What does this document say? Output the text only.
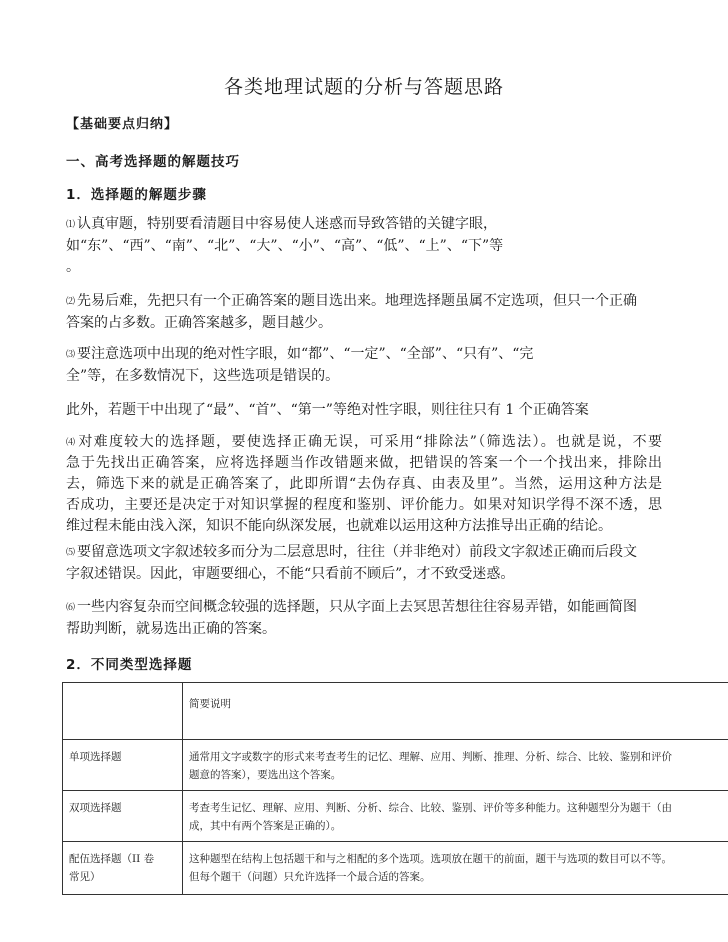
各类地理试题的分析与答题思路
【基础要点归纳】
一、高考选择题的解题技巧
1．选择题的解题步骤
⑴ 认真审题，特别要看清题目中容易使人迷惑而导致答错的关键字眼，
如“东”、“西”、“南”、“北”、“大”、“小”、“高”、“低”、“上”、“下”等
。
⑵ 先易后难，先把只有一个正确答案的题目选出来。地理选择题虽属不定选项，但只一个正确
答案的占多数。正确答案越多，题目越少。
⑶ 要注意选项中出现的绝对性字眼，如“都”、“一定”、“全部”、“只有”、“完
全”等，在多数情况下，这些选项是错误的。
此外，若题干中出现了“最”、“首”、“第一”等绝对性字眼，则往往只有 1 个正确答案
⑷ 对难度较大的选择题，要使选择正确无误，可采用“排除法”（筛选法）。也就是说，不要
急于先找出正确答案，应将选择题当作改错题来做，把错误的答案一个一个找出来，排除出
去，筛选下来的就是正确答案了，此即所谓“去伪存真、由表及里”。当然，运用这种方法是
否成功，主要还是决定于对知识掌握的程度和鉴别、评价能力。如果对知识学得不深不透，思
维过程未能由浅入深，知识不能向纵深发展，也就难以运用这种方法推导出正确的结论。
⑸ 要留意选项文字叙述较多而分为二层意思时，往往（并非绝对）前段文字叙述正确而后段文
字叙述错误。因此，审题要细心，不能“只看前不顾后”，才不致受迷惑。
⑹ 一些内容复杂而空间概念较强的选择题，只从字面上去冥思苦想往往容易弄错，如能画简图
帮助判断，就易选出正确的答案。
2．不同类型选择题
	简要说明

单项选择题	通常用文字或数字的形式来考查考生的记忆、理解、应用、判断、推理、分析、综合、比较、鉴别和评价
题意的答案），要选出这个答案。

双项选择题	考查考生记忆、理解、应用、判断、分析、综合、比较、鉴别、评价等多种能力。这种题型分为题干（由
成，其中有两个答案是正确的）。

配伍选择题（II 卷
常见）	这种题型在结构上包括题干和与之相配的多个选项。选项放在题干的前面，题干与选项的数目可以不等。
但每个题干（问题）只允许选择一个最合适的答案。
